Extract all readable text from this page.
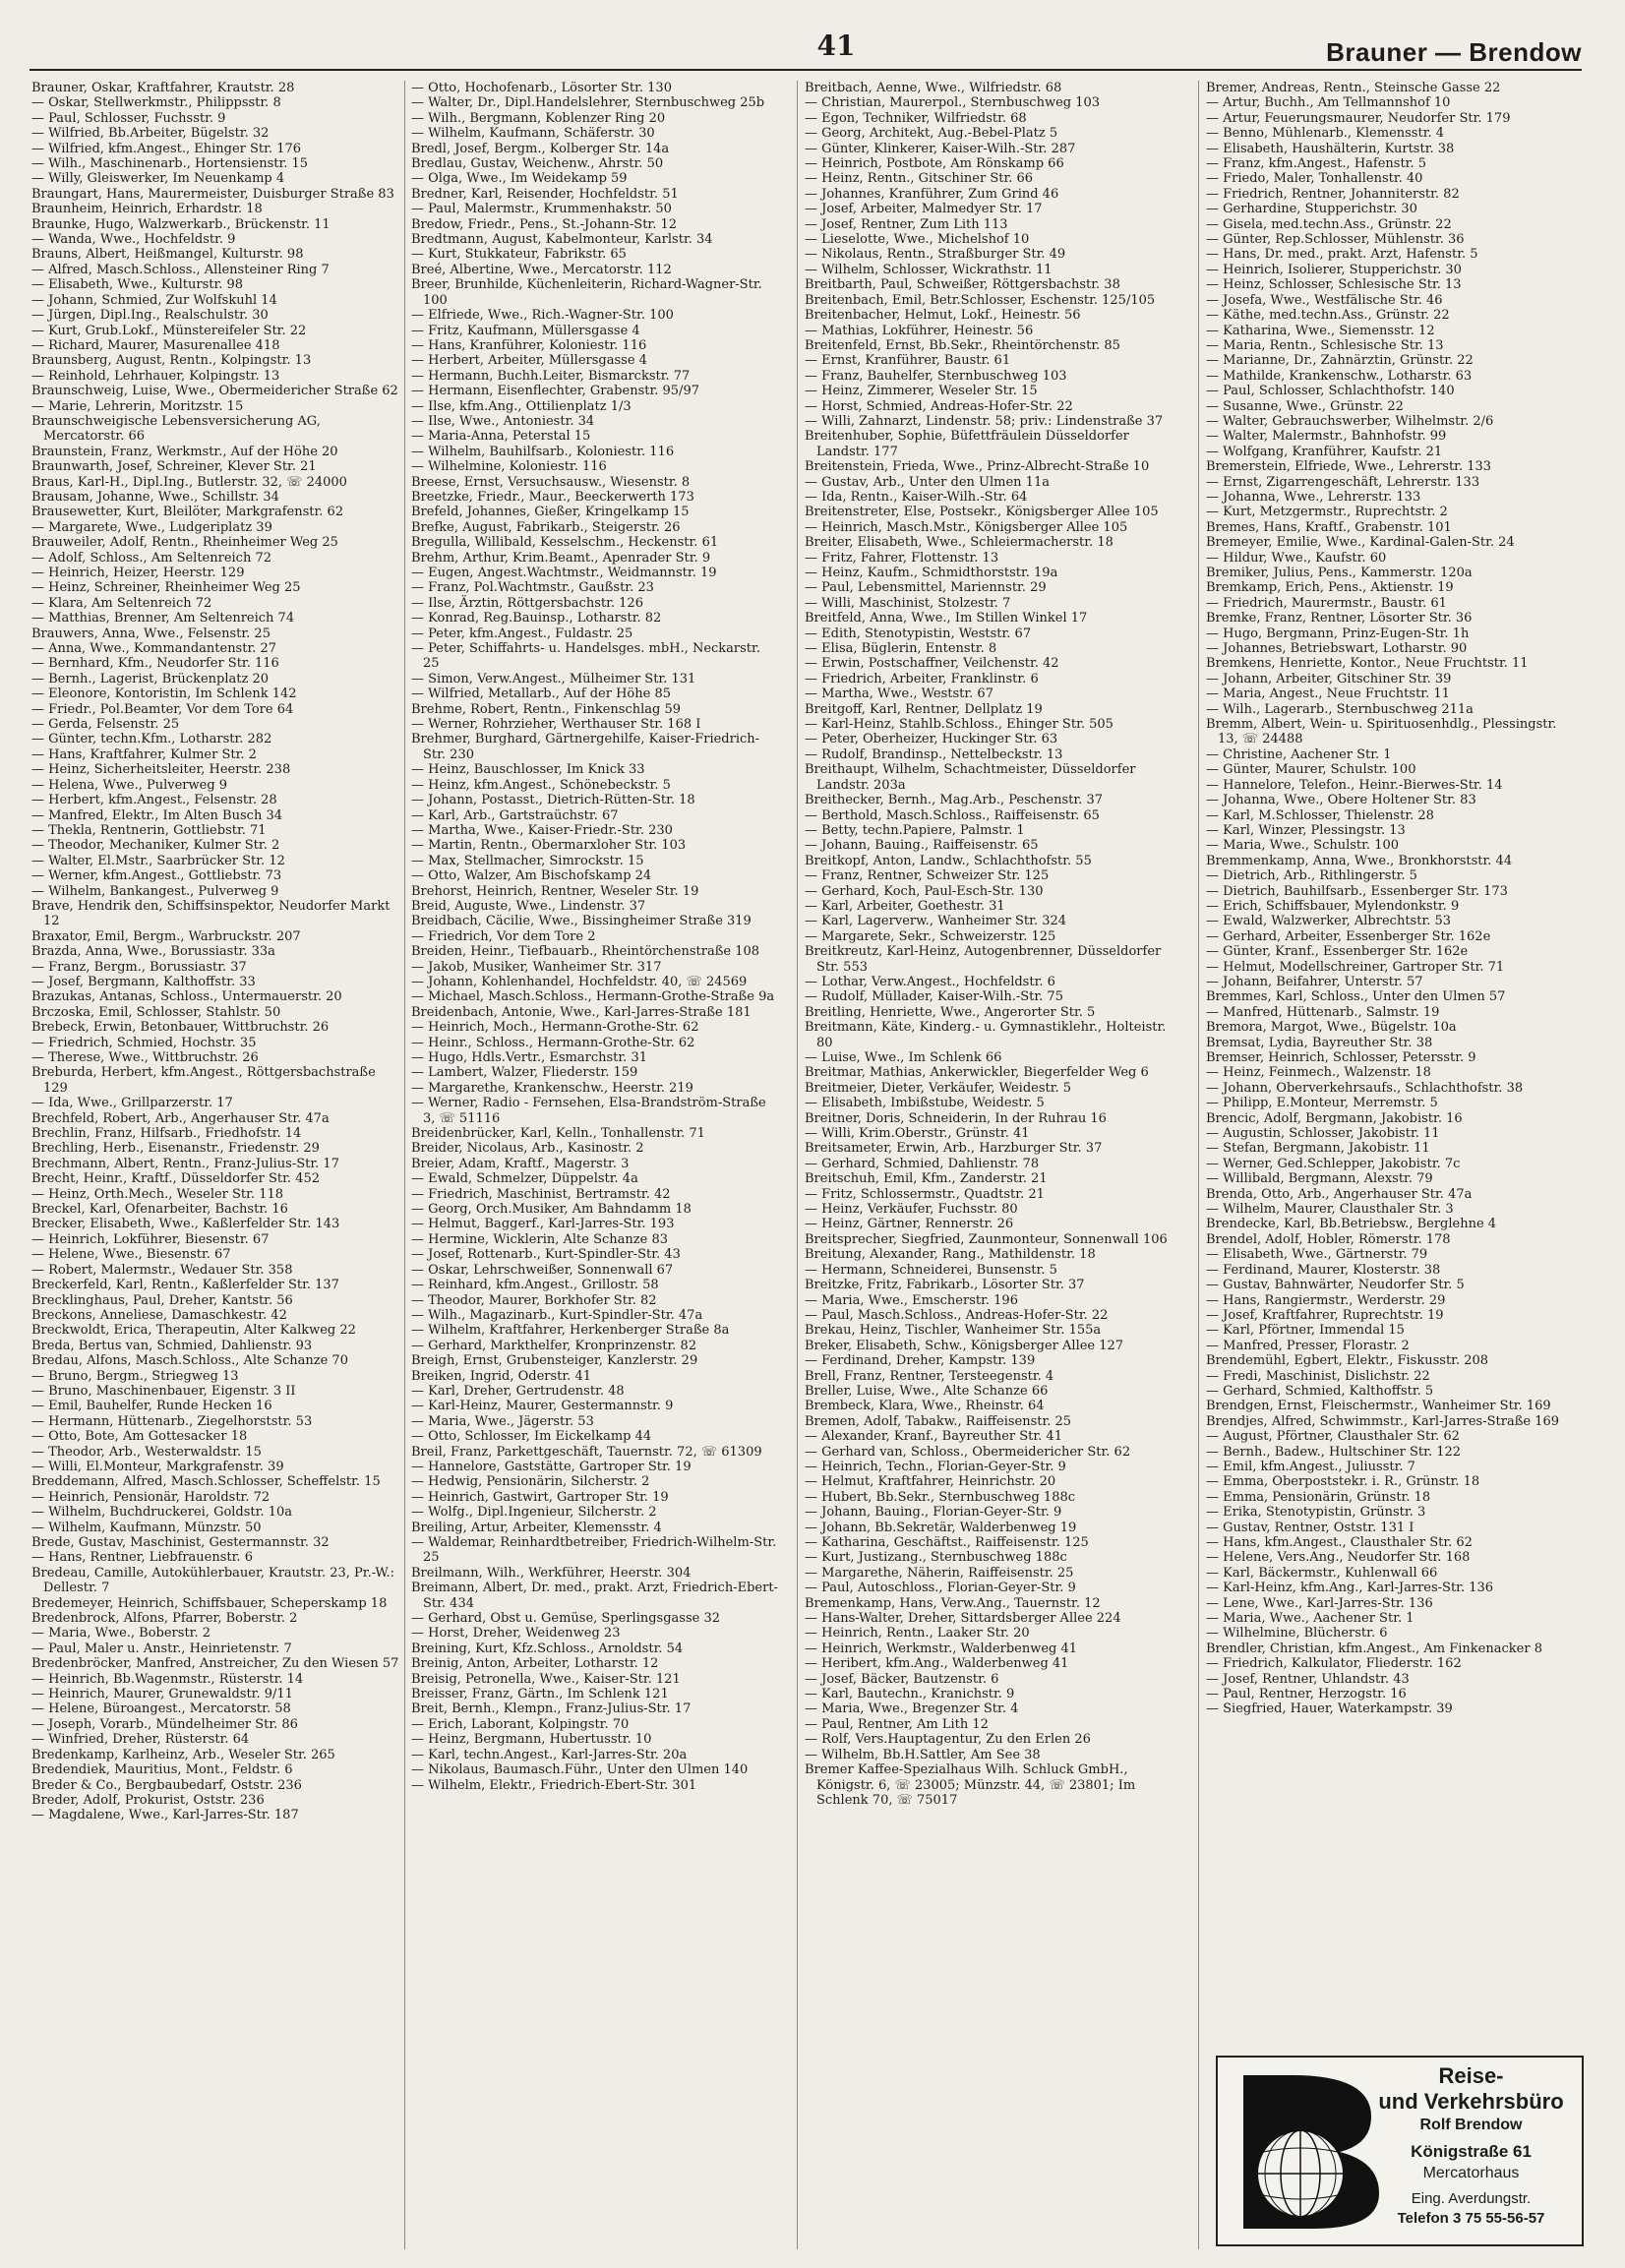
41	Brauner — Brendow

Brauner, Oskar, Kraftfahrer, Krautstr. 28

— Oskar, Stellwerkmstr., Philippsstr. 8

— Paul, Schlosser, Fuchsstr. 9

— Wilfried, Bb.Arbeiter, Bügelstr. 32

— Wilfried, kfm.Angest., Ehinger Str. 176

— Wilh., Maschinenarb., Hortensienstr. 15

— Willy, Gleiswerker, Im Neuenkamp 4

Braungart, Hans, Maurermeister, Duisburger Straße 83

Braunheim, Heinrich, Erhardstr. 18

Braunke, Hugo, Walzwerkarb., Brückenstr. 11

— Wanda, Wwe., Hochfeldstr. 9

Brauns, Albert, Heißmangel, Kulturstr. 98

— Alfred, Masch.Schloss., Allensteiner Ring 7

— Elisabeth, Wwe., Kulturstr. 98

— Johann, Schmied, Zur Wolfskuhl 14

— Jürgen, Dipl.Ing., Realschulstr. 30

— Kurt, Grub.Lokf., Münstereifeler Str. 22

— Richard, Maurer, Masurenallee 418

Braunsberg, August, Rentn., Kolpingstr. 13

— Reinhold, Lehrhauer, Kolpingstr. 13

Braunschweig, Luise, Wwe., Obermeidericher Straße 62

— Marie, Lehrerin, Moritzstr. 15

Braunschweigische Lebensversicherung AG, Mercatorstr. 66

Braunstein, Franz, Werkmstr., Auf der Höhe 20

Braunwarth, Josef, Schreiner, Klever Str. 21

Braus, Karl-H., Dipl.Ing., Butlerstr. 32, ☏ 24000

Brausam, Johanne, Wwe., Schillstr. 34

Brausewetter, Kurt, Bleilöter, Markgrafenstr. 62

— Margarete, Wwe., Ludgeriplatz 39

Brauweiler, Adolf, Rentn., Rheinheimer Weg 25

— Adolf, Schloss., Am Seltenreich 72

— Heinrich, Heizer, Heerstr. 129

— Heinz, Schreiner, Rheinheimer Weg 25

— Klara, Am Seltenreich 72

— Matthias, Brenner, Am Seltenreich 74

Brauwers, Anna, Wwe., Felsenstr. 25

— Anna, Wwe., Kommandantenstr. 27

— Bernhard, Kfm., Neudorfer Str. 116

— Bernh., Lagerist, Brückenplatz 20

— Eleonore, Kontoristin, Im Schlenk 142

— Friedr., Pol.Beamter, Vor dem Tore 64

— Gerda, Felsenstr. 25

— Günter, techn.Kfm., Lotharstr. 282

— Hans, Kraftfahrer, Kulmer Str. 2

— Heinz, Sicherheitsleiter, Heerstr. 238

— Helena, Wwe., Pulverweg 9

— Herbert, kfm.Angest., Felsenstr. 28

— Manfred, Elektr., Im Alten Busch 34

— Thekla, Rentnerin, Gottliebstr. 71

— Theodor, Mechaniker, Kulmer Str. 2

— Walter, El.Mstr., Saarbrücker Str. 12

— Werner, kfm.Angest., Gottliebstr. 73

— Wilhelm, Bankangest., Pulverweg 9

Brave, Hendrik den, Schiffsinspektor, Neudorfer Markt 12

Braxator, Emil, Bergm., Warbruckstr. 207

Brazda, Anna, Wwe., Borussiastr. 33a

— Franz, Bergm., Borussiastr. 37

— Josef, Bergmann, Kalthoffstr. 33

Brazukas, Antanas, Schloss., Untermauerstr. 20

Brczoska, Emil, Schlosser, Stahlstr. 50

Brebeck, Erwin, Betonbauer, Wittbruchstr. 26

— Friedrich, Schmied, Hochstr. 35

— Therese, Wwe., Wittbruchstr. 26

Breburda, Herbert, kfm.Angest., Röttgersbachstraße 129

— Ida, Wwe., Grillparzerstr. 17

Brechfeld, Robert, Arb., Angerhauser Str. 47a

Brechlin, Franz, Hilfsarb., Friedhofstr. 14

Brechling, Herb., Eisenanstr., Friedenstr. 29

Brechmann, Albert, Rentn., Franz-Julius-Str. 17

Brecht, Heinr., Kraftf., Düsseldorfer Str. 452

— Heinz, Orth.Mech., Weseler Str. 118

Breckel, Karl, Ofenarbeiter, Bachstr. 16

Brecker, Elisabeth, Wwe., Kaßlerfelder Str. 143

— Heinrich, Lokführer, Biesenstr. 67

— Helene, Wwe., Biesenstr. 67

— Robert, Malermstr., Wedauer Str. 358

Breckerfeld, Karl, Rentn., Kaßlerfelder Str. 137

Brecklinghaus, Paul, Dreher, Kantstr. 56

Breckons, Anneliese, Damaschkestr. 42

Breckwoldt, Erica, Therapeutin, Alter Kalkweg 22

Breda, Bertus van, Schmied, Dahlienstr. 93

Bredau, Alfons, Masch.Schloss., Alte Schanze 70

— Bruno, Bergm., Striegweg 13

— Bruno, Maschinenbauer, Eigenstr. 3 II

— Emil, Bauhelfer, Runde Hecken 16

— Hermann, Hüttenarb., Ziegelhorststr. 53

— Otto, Bote, Am Gottesacker 18

— Theodor, Arb., Westerwaldstr. 15

— Willi, El.Monteur, Markgrafenstr. 39

Breddemann, Alfred, Masch.Schlosser, Scheffelstr. 15

— Heinrich, Pensionär, Haroldstr. 72

— Wilhelm, Buchdruckerei, Goldstr. 10a

— Wilhelm, Kaufmann, Münzstr. 50

Brede, Gustav, Maschinist, Gestermannstr. 32

— Hans, Rentner, Liebfrauenstr. 6

Bredeau, Camille, Autokühlerbauer, Krautstr. 23, Pr.-W.: Dellestr. 7

Bredemeyer, Heinrich, Schiffsbauer, Scheperskamp 18

Bredenbrock, Alfons, Pfarrer, Boberstr. 2

— Maria, Wwe., Boberstr. 2

— Paul, Maler u. Anstr., Heinrietenstr. 7

Bredenbröcker, Manfred, Anstreicher, Zu den Wiesen 57

— Heinrich, Bb.Wagenmstr., Rüsterstr. 14

— Heinrich, Maurer, Grunewaldstr. 9/11

— Helene, Büroangest., Mercatorstr. 58

— Joseph, Vorarb., Mündelheimer Str. 86

— Winfried, Dreher, Rüsterstr. 64

Bredenkamp, Karlheinz, Arb., Weseler Str. 265

Bredendiek, Mauritius, Mont., Feldstr. 6

Breder & Co., Bergbaubedarf, Oststr. 236

Breder, Adolf, Prokurist, Oststr. 236

— Magdalene, Wwe., Karl-Jarres-Str. 187

— Otto, Hochofenarb., Lösorter Str. 130

— Walter, Dr., Dipl.Handelslehrer, Sternbuschweg 25b

— Wilh., Bergmann, Koblenzer Ring 20

— Wilhelm, Kaufmann, Schäferstr. 30

Bredl, Josef, Bergm., Kolberger Str. 14a

Bredlau, Gustav, Weichenw., Ahrstr. 50

— Olga, Wwe., Im Weidekamp 59

Bredner, Karl, Reisender, Hochfeldstr. 51

— Paul, Malermstr., Krummenhakstr. 50

Bredow, Friedr., Pens., St.-Johann-Str. 12

Bredtmann, August, Kabelmonteur, Karlstr. 34

— Kurt, Stukkateur, Fabrikstr. 65

Breé, Albertine, Wwe., Mercatorstr. 112

Breer, Brunhilde, Küchenleiterin, Richard-Wagner-Str. 100

— Elfriede, Wwe., Rich.-Wagner-Str. 100

— Fritz, Kaufmann, Müllersgasse 4

— Hans, Kranführer, Koloniestr. 116

— Herbert, Arbeiter, Müllersgasse 4

— Hermann, Buchh.Leiter, Bismarckstr. 77

— Hermann, Eisenflechter, Grabenstr. 95/97

— Ilse, kfm.Ang., Ottilienplatz 1/3

— Ilse, Wwe., Antoniestr. 34

— Maria-Anna, Peterstal 15

— Wilhelm, Bauhilfsarb., Koloniestr. 116

— Wilhelmine, Koloniestr. 116

Breese, Ernst, Versuchsausw., Wiesenstr. 8

Breetzke, Friedr., Maur., Beeckerwerth 173

Brefeld, Johannes, Gießer, Kringelkamp 15

Brefke, August, Fabrikarb., Steigerstr. 26

Bregulla, Willibald, Kesselschm., Heckenstr. 61

Brehm, Arthur, Krim.Beamt., Apenrader Str. 9

— Eugen, Angest.Wachtmstr., Weidmannstr. 19

— Franz, Pol.Wachtmstr., Gaußstr. 23

— Ilse, Ärztin, Röttgersbachstr. 126

— Konrad, Reg.Bauinsp., Lotharstr. 82

— Peter, kfm.Angest., Fuldastr. 25

— Peter, Schiffahrts- u. Handelsges. mbH., Neckarstr. 25

— Simon, Verw.Angest., Mülheimer Str. 131

— Wilfried, Metallarb., Auf der Höhe 85

Brehme, Robert, Rentn., Finkenschlag 59

— Werner, Rohrzieher, Werthauser Str. 168 I

Brehmer, Burghard, Gärtnergehilfe, Kaiser-Friedrich-Str. 230

— Heinz, Bauschlosser, Im Knick 33

— Heinz, kfm.Angest., Schönebeckstr. 5

— Johann, Postasst., Dietrich-Rütten-Str. 18

— Karl, Arb., Gartstraüchstr. 67

— Martha, Wwe., Kaiser-Friedr.-Str. 230

— Martin, Rentn., Obermarxloher Str. 103

— Max, Stellmacher, Simrockstr. 15

— Otto, Walzer, Am Bischofskamp 24

Brehorst, Heinrich, Rentner, Weseler Str. 19

Breid, Auguste, Wwe., Lindenstr. 37

Breidbach, Cäcilie, Wwe., Bissingheimer Straße 319

— Friedrich, Vor dem Tore 2

Breiden, Heinr., Tiefbauarb., Rheintörchenstraße 108

— Jakob, Musiker, Wanheimer Str. 317

— Johann, Kohlenhandel, Hochfeldstr. 40, ☏ 24569

— Michael, Masch.Schloss., Hermann-Grothe-Straße 9a

Breidenbach, Antonie, Wwe., Karl-Jarres-Straße 181

— Heinrich, Moch., Hermann-Grothe-Str. 62

— Heinr., Schloss., Hermann-Grothe-Str. 62

— Hugo, Hdls.Vertr., Esmarchstr. 31

— Lambert, Walzer, Fliederstr. 159

— Margarethe, Krankenschw., Heerstr. 219

— Werner, Radio - Fernsehen, Elsa-Brandström-Straße 3, ☏ 51116

Breidenbrücker, Karl, Kelln., Tonhallenstr. 71

Breider, Nicolaus, Arb., Kasinostr. 2

Breier, Adam, Kraftf., Magerstr. 3

— Ewald, Schmelzer, Düppelstr. 4a

— Friedrich, Maschinist, Bertramstr. 42

— Georg, Orch.Musiker, Am Bahndamm 18

— Helmut, Baggerf., Karl-Jarres-Str. 193

— Hermine, Wicklerin, Alte Schanze 83

— Josef, Rottenarb., Kurt-Spindler-Str. 43

— Oskar, Lehrschweißer, Sonnenwall 67

— Reinhard, kfm.Angest., Grillostr. 58

— Theodor, Maurer, Borkhofer Str. 82

— Wilh., Magazinarb., Kurt-Spindler-Str. 47a

— Wilhelm, Kraftfahrer, Herkenberger Straße 8a

— Gerhard, Markthelfer, Kronprinzenstr. 82

Breigh, Ernst, Grubensteiger, Kanzlerstr. 29

Breiken, Ingrid, Oderstr. 41

— Karl, Dreher, Gertrudenstr. 48

— Karl-Heinz, Maurer, Gestermannstr. 9

— Maria, Wwe., Jägerstr. 53

— Otto, Schlosser, Im Eickelkamp 44

Breil, Franz, Parkettgeschäft, Tauernstr. 72, ☏ 61309

— Hannelore, Gaststätte, Gartroper Str. 19

— Hedwig, Pensionärin, Silcherstr. 2

— Heinrich, Gastwirt, Gartroper Str. 19

— Wolfg., Dipl.Ingenieur, Silcherstr. 2

Breiling, Artur, Arbeiter, Klemensstr. 4

— Waldemar, Reinhardtbetreiber, Friedrich-Wilhelm-Str. 25

Breilmann, Wilh., Werkführer, Heerstr. 304

Breimann, Albert, Dr. med., prakt. Arzt, Friedrich-Ebert-Str. 434

— Gerhard, Obst u. Gemüse, Sperlingsgasse 32

— Horst, Dreher, Weidenweg 23

Breining, Kurt, Kfz.Schloss., Arnoldstr. 54

Breinig, Anton, Arbeiter, Lotharstr. 12

Breisig, Petronella, Wwe., Kaiser-Str. 121

Breisser, Franz, Gärtn., Im Schlenk 121

Breit, Bernh., Klempn., Franz-Julius-Str. 17

— Erich, Laborant, Kolpingstr. 70

— Heinz, Bergmann, Hubertusstr. 10

— Karl, techn.Angest., Karl-Jarres-Str. 20a

— Nikolaus, Baumasch.Führ., Unter den Ulmen 140

— Wilhelm, Elektr., Friedrich-Ebert-Str. 301

Breitbach, Aenne, Wwe., Wilfriedstr. 68

— Christian, Maurerpol., Sternbuschweg 103

— Egon, Techniker, Wilfriedstr. 68

— Georg, Architekt, Aug.-Bebel-Platz 5

— Günter, Klinkerer, Kaiser-Wilh.-Str. 287

— Heinrich, Postbote, Am Rönskamp 66

— Heinz, Rentn., Gitschiner Str. 66

— Johannes, Kranführer, Zum Grind 46

— Josef, Arbeiter, Malmedyer Str. 17

— Josef, Rentner, Zum Lith 113

— Lieselotte, Wwe., Michelshof 10

— Nikolaus, Rentn., Straßburger Str. 49

— Wilhelm, Schlosser, Wickrathstr. 11

Breitbarth, Paul, Schweißer, Röttgersbachstr. 38

Breitenbach, Emil, Betr.Schlosser, Eschenstr. 125/105

Breitenbacher, Helmut, Lokf., Heinestr. 56

— Mathias, Lokführer, Heinestr. 56

Breitenfeld, Ernst, Bb.Sekr., Rheintörchenstr. 85

— Ernst, Kranführer, Baustr. 61

— Franz, Bauhelfer, Sternbuschweg 103

— Heinz, Zimmerer, Weseler Str. 15

— Horst, Schmied, Andreas-Hofer-Str. 22

— Willi, Zahnarzt, Lindenstr. 58; priv.: Lindenstraße 37

Breitenhuber, Sophie, Büfettfräulein Düsseldorfer Landstr. 177

Breitenstein, Frieda, Wwe., Prinz-Albrecht-Straße 10

— Gustav, Arb., Unter den Ulmen 11a

— Ida, Rentn., Kaiser-Wilh.-Str. 64

Breitenstreter, Else, Postsekr., Königsberger Allee 105

— Heinrich, Masch.Mstr., Königsberger Allee 105

Breiter, Elisabeth, Wwe., Schleiermacherstr. 18

— Fritz, Fahrer, Flottenstr. 13

— Heinz, Kaufm., Schmidthorststr. 19a

— Paul, Lebensmittel, Mariennstr. 29

— Willi, Maschinist, Stolzestr. 7

Breitfeld, Anna, Wwe., Im Stillen Winkel 17

— Edith, Stenotypistin, Weststr. 67

— Elisa, Büglerin, Entenstr. 8

— Erwin, Postschaffner, Veilchenstr. 42

— Friedrich, Arbeiter, Franklinstr. 6

— Martha, Wwe., Weststr. 67

Breitgoff, Karl, Rentner, Dellplatz 19

— Karl-Heinz, Stahlb.Schloss., Ehinger Str. 505

— Peter, Oberheizer, Huckinger Str. 63

— Rudolf, Brandinsp., Nettelbeckstr. 13

Breithaupt, Wilhelm, Schachtmeister, Düsseldorfer Landstr. 203a

Breithecker, Bernh., Mag.Arb., Peschenstr. 37

— Berthold, Masch.Schloss., Raiffeisenstr. 65

— Betty, techn.Papiere, Palmstr. 1

— Johann, Bauing., Raiffeisenstr. 65

Breitkopf, Anton, Landw., Schlachthofstr. 55

— Franz, Rentner, Schweizer Str. 125

— Gerhard, Koch, Paul-Esch-Str. 130

— Karl, Arbeiter, Goethestr. 31

— Karl, Lagerverw., Wanheimer Str. 324

— Margarete, Sekr., Schweizerstr. 125

Breitkreutz, Karl-Heinz, Autogenbrenner, Düsseldorfer Str. 553

— Lothar, Verw.Angest., Hochfeldstr. 6

— Rudolf, Müllader, Kaiser-Wilh.-Str. 75

Breitling, Henriette, Wwe., Angerorter Str. 5

Breitmann, Käte, Kinderg.- u. Gymnastiklehr., Holteistr. 80

— Luise, Wwe., Im Schlenk 66

Breitmar, Mathias, Ankerwickler, Biegerfelder Weg 6

Breitmeier, Dieter, Verkäufer, Weidestr. 5

— Elisabeth, Imbißstube, Weidestr. 5

Breitner, Doris, Schneiderin, In der Ruhrau 16

— Willi, Krim.Oberstr., Grünstr. 41

Breitsameter, Erwin, Arb., Harzburger Str. 37

— Gerhard, Schmied, Dahlienstr. 78

Breitschuh, Emil, Kfm., Zanderstr. 21

— Fritz, Schlossermstr., Quadtstr. 21

— Heinz, Verkäufer, Fuchsstr. 80

— Heinz, Gärtner, Rennerstr. 26

Breitsprecher, Siegfried, Zaunmonteur, Sonnenwall 106

Breitung, Alexander, Rang., Mathildenstr. 18

— Hermann, Schneiderei, Bunsenstr. 5

Breitzke, Fritz, Fabrikarb., Lösorter Str. 37

— Maria, Wwe., Emscherstr. 196

— Paul, Masch.Schloss., Andreas-Hofer-Str. 22

Brekau, Heinz, Tischler, Wanheimer Str. 155a

Breker, Elisabeth, Schw., Königsberger Allee 127

— Ferdinand, Dreher, Kampstr. 139

Brell, Franz, Rentner, Tersteegenstr. 4

Breller, Luise, Wwe., Alte Schanze 66

Brembeck, Klara, Wwe., Rheinstr. 64

Bremen, Adolf, Tabakw., Raiffeisenstr. 25

— Alexander, Kranf., Bayreuther Str. 41

— Gerhard van, Schloss., Obermeidericher Str. 62

— Heinrich, Techn., Florian-Geyer-Str. 9

— Helmut, Kraftfahrer, Heinrichstr. 20

— Hubert, Bb.Sekr., Sternbuschweg 188c

— Johann, Bauing., Florian-Geyer-Str. 9

— Johann, Bb.Sekretär, Walderbenweg 19

— Katharina, Geschäftst., Raiffeisenstr. 125

— Kurt, Justizang., Sternbuschweg 188c

— Margarethe, Näherin, Raiffeisenstr. 25

— Paul, Autoschloss., Florian-Geyer-Str. 9

Bremenkamp, Hans, Verw.Ang., Tauernstr. 12

— Hans-Walter, Dreher, Sittardsberger Allee 224

— Heinrich, Rentn., Laaker Str. 20

— Heinrich, Werkmstr., Walderbenweg 41

— Heribert, kfm.Ang., Walderbenweg 41

— Josef, Bäcker, Bautzenstr. 6

— Karl, Bautechn., Kranichstr. 9

— Maria, Wwe., Bregenzer Str. 4

— Paul, Rentner, Am Lith 12

— Rolf, Vers.Hauptagentur, Zu den Erlen 26

— Wilhelm, Bb.H.Sattler, Am See 38

Bremer Kaffee-Spezialhaus Wilh. Schluck GmbH., Königstr. 6, ☏ 23005; Münzstr. 44, ☏ 23801; Im Schlenk 70, ☏ 75017

Bremer, Andreas, Rentn., Steinsche Gasse 22

— Artur, Buchh., Am Tellmannshof 10

— Artur, Feuerungsmaurer, Neudorfer Str. 179

— Benno, Mühlenarb., Klemensstr. 4

— Elisabeth, Haushälterin, Kurtstr. 38

— Franz, kfm.Angest., Hafenstr. 5

— Friedo, Maler, Tonhallenstr. 40

— Friedrich, Rentner, Johanniterstr. 82

— Gerhardine, Stupperichstr. 30

— Gisela, med.techn.Ass., Grünstr. 22

— Günter, Rep.Schlosser, Mühlenstr. 36

— Hans, Dr. med., prakt. Arzt, Hafenstr. 5

— Heinrich, Isolierer, Stupperichstr. 30

— Heinz, Schlosser, Schlesische Str. 13

— Josefa, Wwe., Westfälische Str. 46

— Käthe, med.techn.Ass., Grünstr. 22

— Katharina, Wwe., Siemensstr. 12

— Maria, Rentn., Schlesische Str. 13

— Marianne, Dr., Zahnärztin, Grünstr. 22

— Mathilde, Krankenschw., Lotharstr. 63

— Paul, Schlosser, Schlachthofstr. 140

— Susanne, Wwe., Grünstr. 22

— Walter, Gebrauchswerber, Wilhelmstr. 2/6

— Walter, Malermstr., Bahnhofstr. 99

— Wolfgang, Kranführer, Kaufstr. 21

Bremerstein, Elfriede, Wwe., Lehrerstr. 133

— Ernst, Zigarrengeschäft, Lehrerstr. 133

— Johanna, Wwe., Lehrerstr. 133

— Kurt, Metzgermstr., Ruprechtstr. 2

Bremes, Hans, Kraftf., Grabenstr. 101

Bremeyer, Emilie, Wwe., Kardinal-Galen-Str. 24

— Hildur, Wwe., Kaufstr. 60

Bremiker, Julius, Pens., Kammerstr. 120a

Bremkamp, Erich, Pens., Aktienstr. 19

— Friedrich, Maurermstr., Baustr. 61

Bremke, Franz, Rentner, Lösorter Str. 36

— Hugo, Bergmann, Prinz-Eugen-Str. 1h

— Johannes, Betriebswart, Lotharstr. 90

Bremkens, Henriette, Kontor., Neue Fruchtstr. 11

— Johann, Arbeiter, Gitschiner Str. 39

— Maria, Angest., Neue Fruchtstr. 11

— Wilh., Lagerarb., Sternbuschweg 211a

Bremm, Albert, Wein- u. Spirituosenhdlg., Plessingstr. 13, ☏ 24488

— Christine, Aachener Str. 1

— Günter, Maurer, Schulstr. 100

— Hannelore, Telefon., Heinr.-Bierwes-Str. 14

— Johanna, Wwe., Obere Holtener Str. 83

— Karl, M.Schlosser, Thielenstr. 28

— Karl, Winzer, Plessingstr. 13

— Maria, Wwe., Schulstr. 100

Bremmenkamp, Anna, Wwe., Bronkhorststr. 44

— Dietrich, Arb., Rithlingerstr. 5

— Dietrich, Bauhilfsarb., Essenberger Str. 173

— Erich, Schiffsbauer, Mylendonkstr. 9

— Ewald, Walzwerker, Albrechtstr. 53

— Gerhard, Arbeiter, Essenberger Str. 162e

— Günter, Kranf., Essenberger Str. 162e

— Helmut, Modellschreiner, Gartroper Str. 71

— Johann, Beifahrer, Unterstr. 57

Bremmes, Karl, Schloss., Unter den Ulmen 57

— Manfred, Hüttenarb., Salmstr. 19

Bremora, Margot, Wwe., Bügelstr. 10a

Bremsat, Lydia, Bayreuther Str. 38

Bremser, Heinrich, Schlosser, Petersstr. 9

— Heinz, Feinmech., Walzenstr. 18

— Johann, Oberverkehrsaufs., Schlachthofstr. 38

— Philipp, E.Monteur, Merremstr. 5

Brencic, Adolf, Bergmann, Jakobistr. 16

— Augustin, Schlosser, Jakobistr. 11

— Stefan, Bergmann, Jakobistr. 11

— Werner, Ged.Schlepper, Jakobistr. 7c

— Willibald, Bergmann, Alexstr. 79

Brenda, Otto, Arb., Angerhauser Str. 47a

— Wilhelm, Maurer, Clausthaler Str. 3

Brendecke, Karl, Bb.Betriebsw., Berglehne 4

Brendel, Adolf, Hobler, Römerstr. 178

— Elisabeth, Wwe., Gärtnerstr. 79

— Ferdinand, Maurer, Klosterstr. 38

— Gustav, Bahnwärter, Neudorfer Str. 5

— Hans, Rangiermstr., Werderstr. 29

— Josef, Kraftfahrer, Ruprechtstr. 19

— Karl, Pförtner, Immendal 15

— Manfred, Presser, Florastr. 2

Brendemühl, Egbert, Elektr., Fiskusstr. 208

— Fredi, Maschinist, Dislichstr. 22

— Gerhard, Schmied, Kalthoffstr. 5

Brendgen, Ernst, Fleischermstr., Wanheimer Str. 169

Brendjes, Alfred, Schwimmstr., Karl-Jarres-Straße 169

— August, Pförtner, Clausthaler Str. 62

— Bernh., Badew., Hultschiner Str. 122

— Emil, kfm.Angest., Juliusstr. 7

— Emma, Oberpoststekr. i. R., Grünstr. 18

— Emma, Pensionärin, Grünstr. 18

— Erika, Stenotypistin, Grünstr. 3

— Gustav, Rentner, Oststr. 131 I

— Hans, kfm.Angest., Clausthaler Str. 62

— Helene, Vers.Ang., Neudorfer Str. 168

— Karl, Bäckermstr., Kuhlenwall 66

— Karl-Heinz, kfm.Ang., Karl-Jarres-Str. 136

— Lene, Wwe., Karl-Jarres-Str. 136

— Maria, Wwe., Aachener Str. 1

— Wilhelmine, Blücherstr. 6

Brendler, Christian, kfm.Angest., Am Finkenacker 8

— Friedrich, Kalkulator, Fliederstr. 162

— Josef, Rentner, Uhlandstr. 43

— Paul, Rentner, Herzogstr. 16

— Siegfried, Hauer, Waterkampstr. 39

Reise-
und Verkehrsbüro
Rolf Brendow
Königstraße 61
Mercatorhaus
Eing. Averdungstr.
Telefon 3 75 55-56-57
